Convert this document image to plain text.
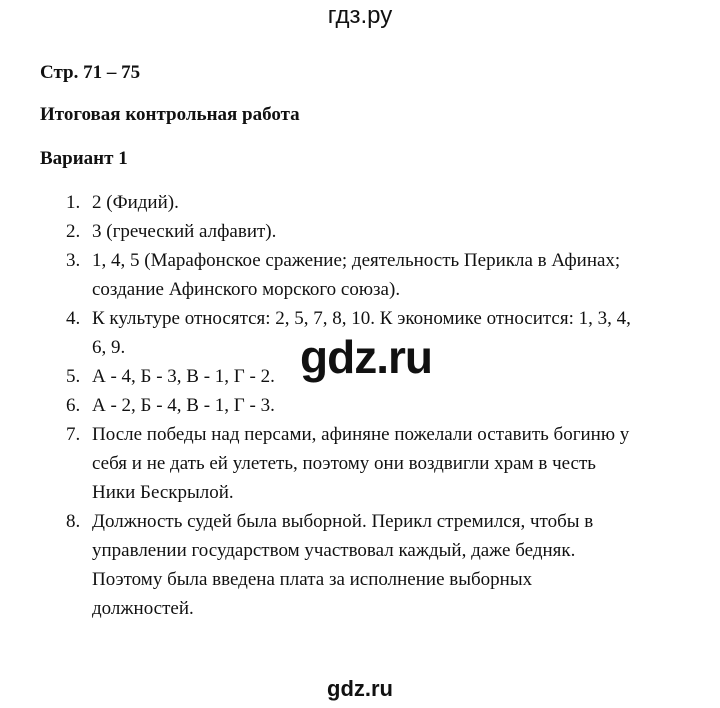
гдз.ру
Стр. 71 – 75
Итоговая контрольная работа
Вариант 1
1. 2 (Фидий).
2. 3 (греческий алфавит).
3. 1, 4, 5 (Марафонское сражение; деятельность Перикла в Афинах;
создание Афинского морского союза).
4. К культуре относятся: 2, 5, 7, 8, 10. К экономике относится: 1, 3, 4,
6, 9.
5. А - 4, Б - 3, В - 1, Г - 2.
6. А - 2, Б - 4, В - 1, Г - 3.
7. После победы над персами, афиняне пожелали оставить богиню у
себя и не дать ей улететь, поэтому они воздвигли храм в честь
Ники Бескрылой.
8. Должность судей была выборной. Перикл стремился, чтобы в
управлении государством участвовал каждый, даже бедняк.
Поэтому была введена плата за исполнение выборных
должностей.
gdz.ru
gdz.ru
